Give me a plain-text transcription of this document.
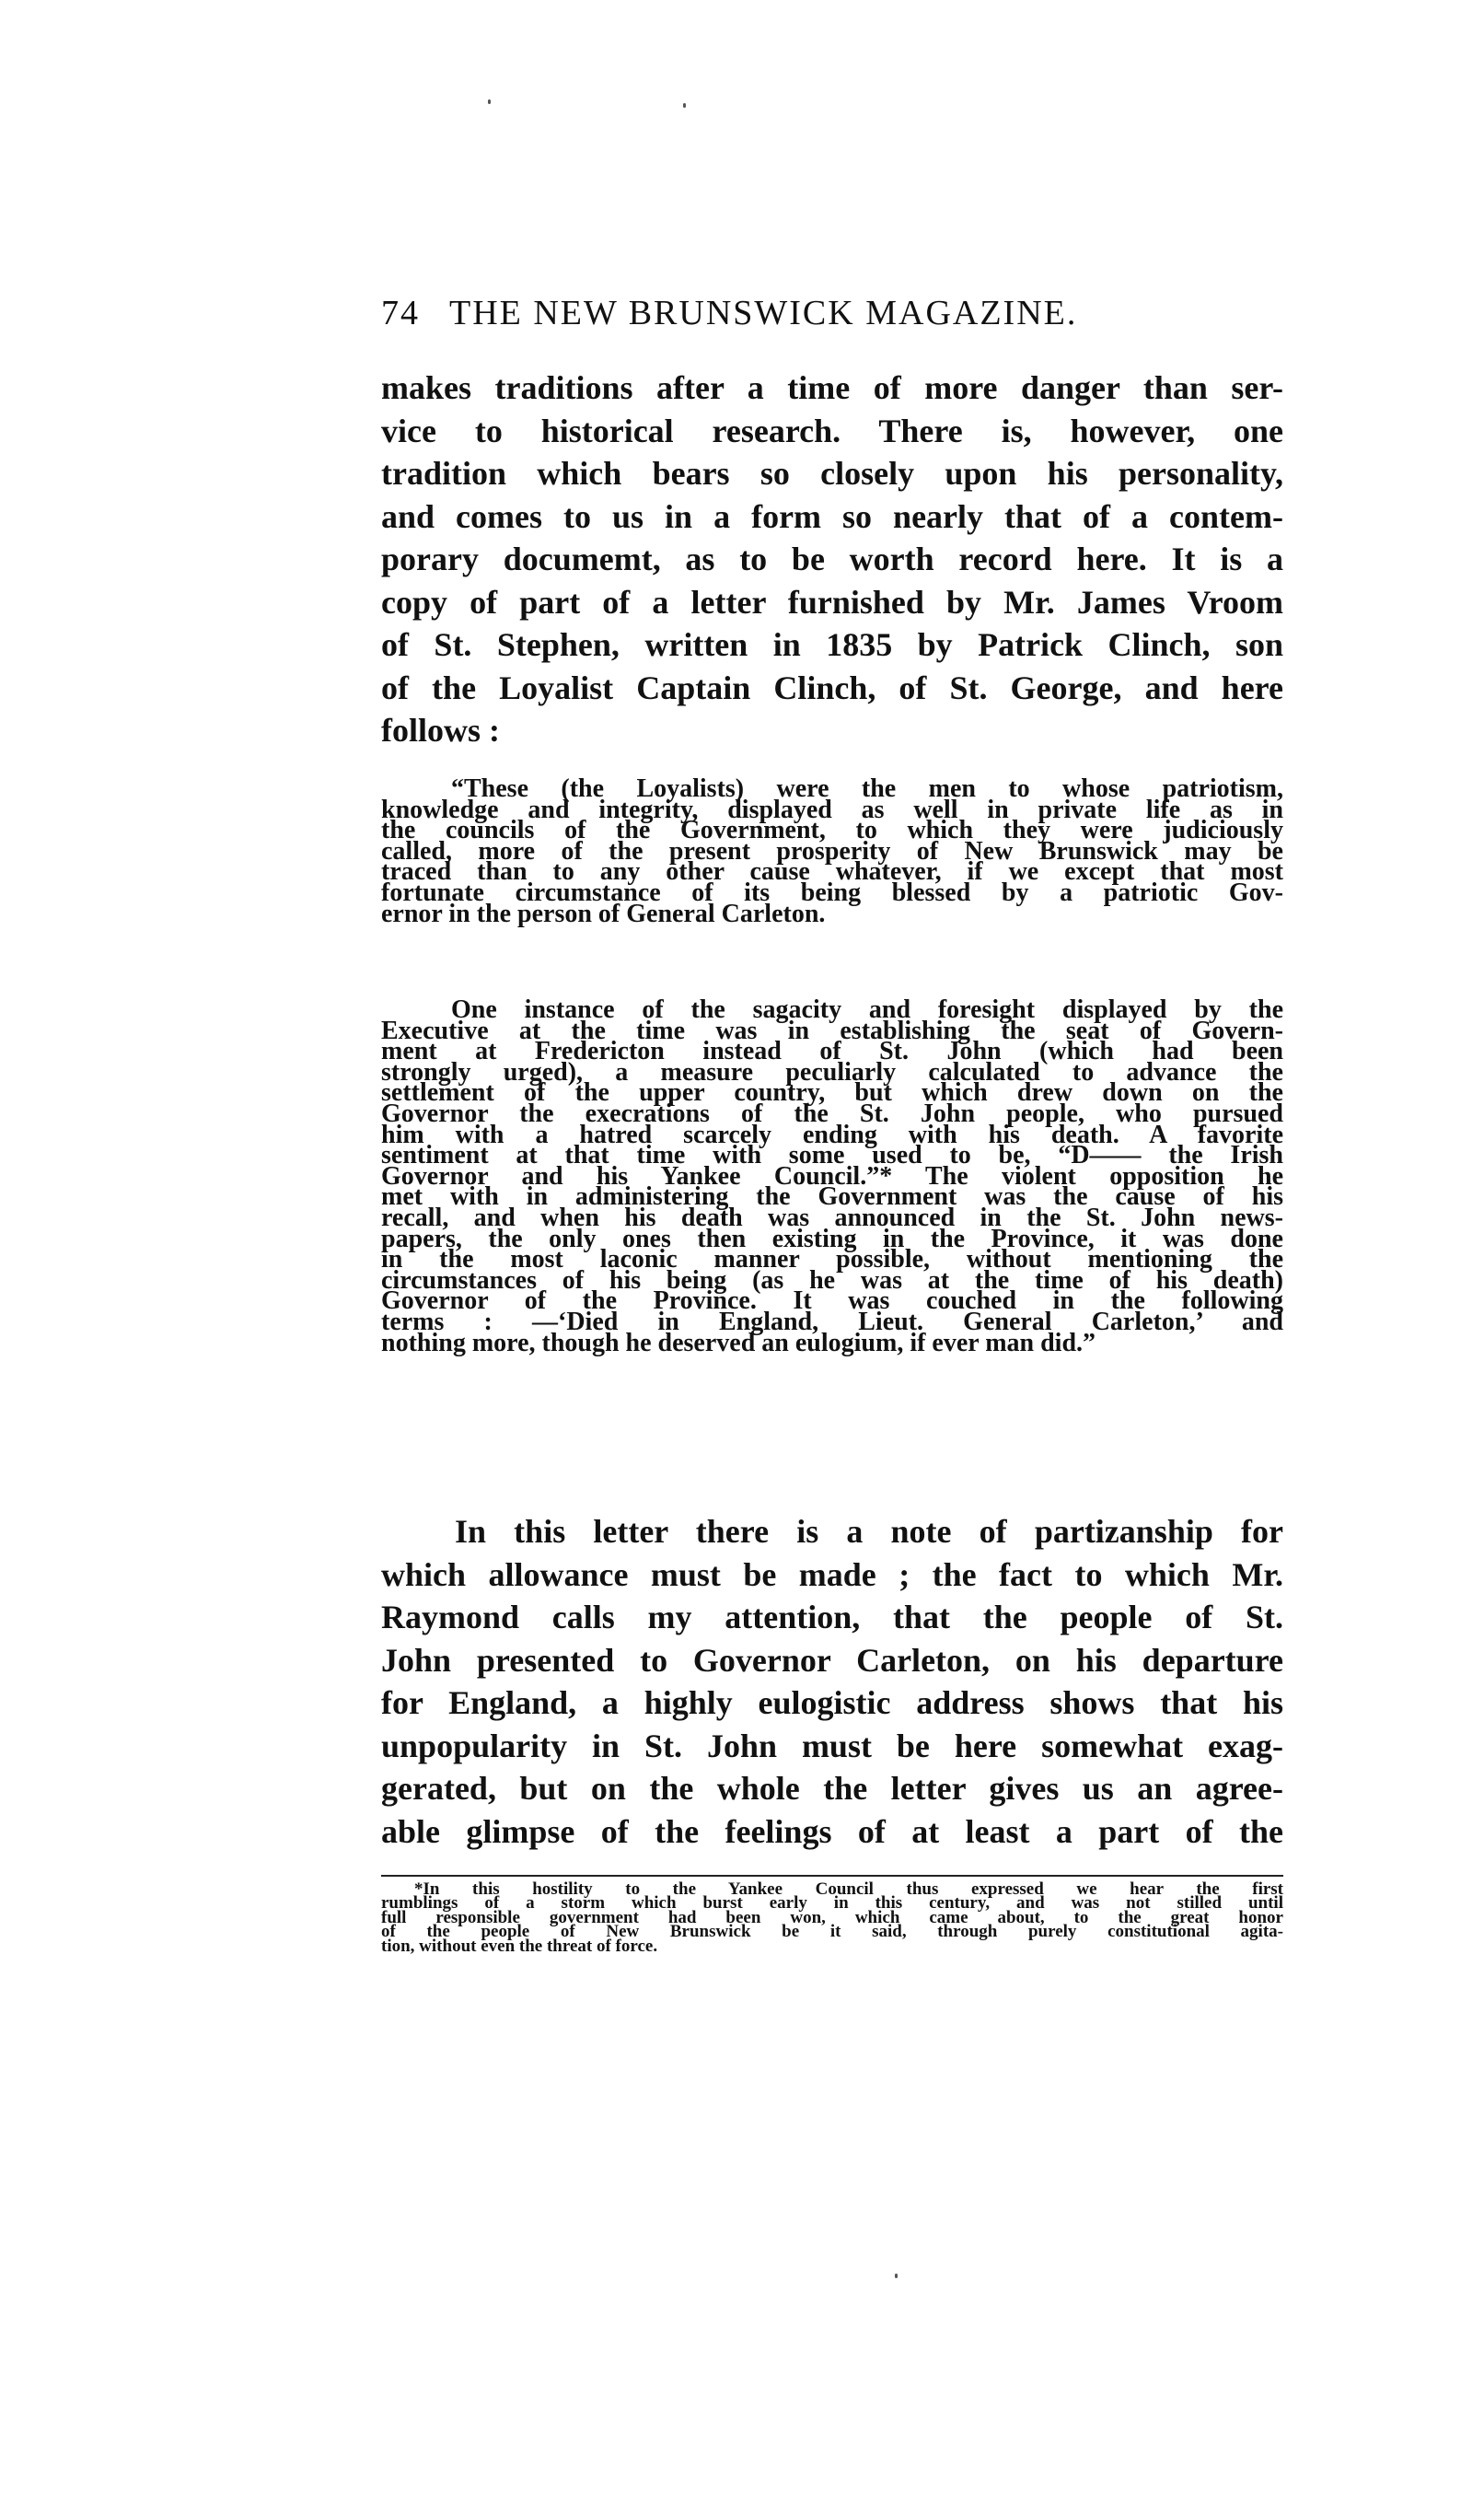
74 THE NEW BRUNSWICK MAGAZINE.
makes traditions after a time of more danger than ser-
vice to historical research. There is, however, one
tradition which bears so closely upon his personality,
and comes to us in a form so nearly that of a contem-
porary documemt, as to be worth record here. It is a
copy of part of a letter furnished by Mr. James Vroom
of St. Stephen, written in 1835 by Patrick Clinch, son
of the Loyalist Captain Clinch, of St. George, and here
follows :
“These (the Loyalists) were the men to whose patriotism,
knowledge and integrity, displayed as well in private life as in
the councils of the Government, to which they were judiciously
called, more of the present prosperity of New Brunswick may be
traced than to any other cause whatever, if we except that most
fortunate circumstance of its being blessed by a patriotic Gov-
ernor in the person of General Carleton.
One instance of the sagacity and foresight displayed by the
Executive at the time was in establishing the seat of Govern-
ment at Fredericton instead of St. John (which had been
strongly urged), a measure peculiarly calculated to advance the
settlement of the upper country, but which drew down on the
Governor the execrations of the St. John people, who pursued
him with a hatred scarcely ending with his death. A favorite
sentiment at that time with some used to be, “D—— the Irish
Governor and his Yankee Council.”* The violent opposition he
met with in administering the Government was the cause of his
recall, and when his death was announced in the St. John news-
papers, the only ones then existing in the Province, it was done
in the most laconic manner possible, without mentioning the
circumstances of his being (as he was at the time of his death)
Governor of the Province. It was couched in the following
terms : —‘Died in England, Lieut. General Carleton,’ and
nothing more, though he deserved an eulogium, if ever man did.”
In this letter there is a note of partizanship for
which allowance must be made ; the fact to which Mr.
Raymond calls my attention, that the people of St.
John presented to Governor Carleton, on his departure
for England, a highly eulogistic address shows that his
unpopularity in St. John must be here somewhat exag-
gerated, but on the whole the letter gives us an agree-
able glimpse of the feelings of at least a part of the
*In this hostility to the Yankee Council thus expressed we hear the first
rumblings of a storm which burst early in this century, and was not stilled until
full responsible government had been won, which came about, to the great honor
of the people of New Brunswick be it said, through purely constitutional agita-
tion, without even the threat of force.
